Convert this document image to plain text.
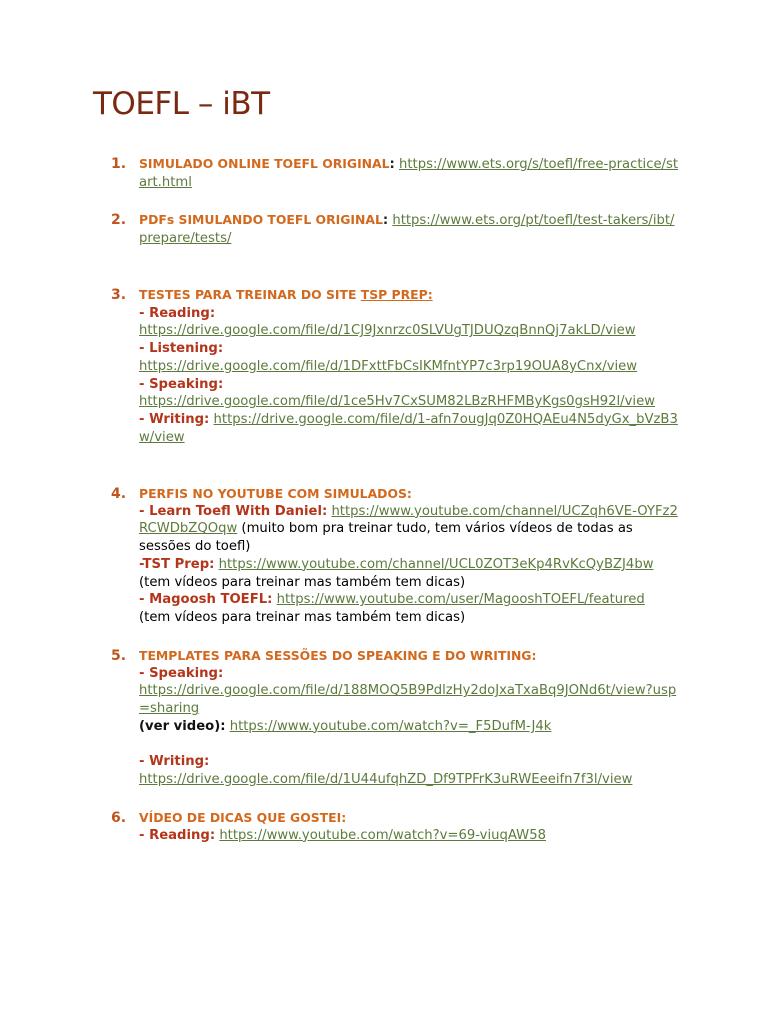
TOEFL – iBT
1. SIMULADO ONLINE TOEFL ORIGINAL: https://www.ets.org/s/toefl/free-practice/start.html
2. PDFs SIMULANDO TOEFL ORIGINAL: https://www.ets.org/pt/toefl/test-takers/ibt/prepare/tests/
3. TESTES PARA TREINAR DO SITE TSP PREP:
- Reading:
https://drive.google.com/file/d/1CJ9Jxnrzc0SLVUgTJDUQzqBnnQj7akLD/view
- Listening:
https://drive.google.com/file/d/1DFxttFbCsIKMfntYP7c3rp19OUA8yCnx/view
- Speaking:
https://drive.google.com/file/d/1ce5Hv7CxSUM82LBzRHFMByKgs0gsH92l/view
- Writing: https://drive.google.com/file/d/1-afn7ougJq0Z0HQAEu4N5dyGx_bVzB3w/view
4. PERFIS NO YOUTUBE COM SIMULADOS:
- Learn Toefl With Daniel: https://www.youtube.com/channel/UCZqh6VE-OYFz2RCWDbZQOqw (muito bom pra treinar tudo, tem vários vídeos de todas as sessões do toefl)
-TST Prep: https://www.youtube.com/channel/UCL0ZOT3eKp4RvKcQyBZJ4bw
(tem vídeos para treinar mas também tem dicas)
- Magoosh TOEFL: https://www.youtube.com/user/MagooshTOEFL/featured
(tem vídeos para treinar mas também tem dicas)
5. TEMPLATES PARA SESSÕES DO SPEAKING E DO WRITING:
- Speaking:
https://drive.google.com/file/d/188MOQ5B9PdlzHy2doJxaTxaBq9JONd6t/view?usp=sharing
(ver video): https://www.youtube.com/watch?v=_F5DufM-J4k
- Writing:
https://drive.google.com/file/d/1U44ufqhZD_Df9TPFrK3uRWEeeifn7f3l/view
6. VÍDEO DE DICAS QUE GOSTEI:
- Reading: https://www.youtube.com/watch?v=69-viuqAW58
